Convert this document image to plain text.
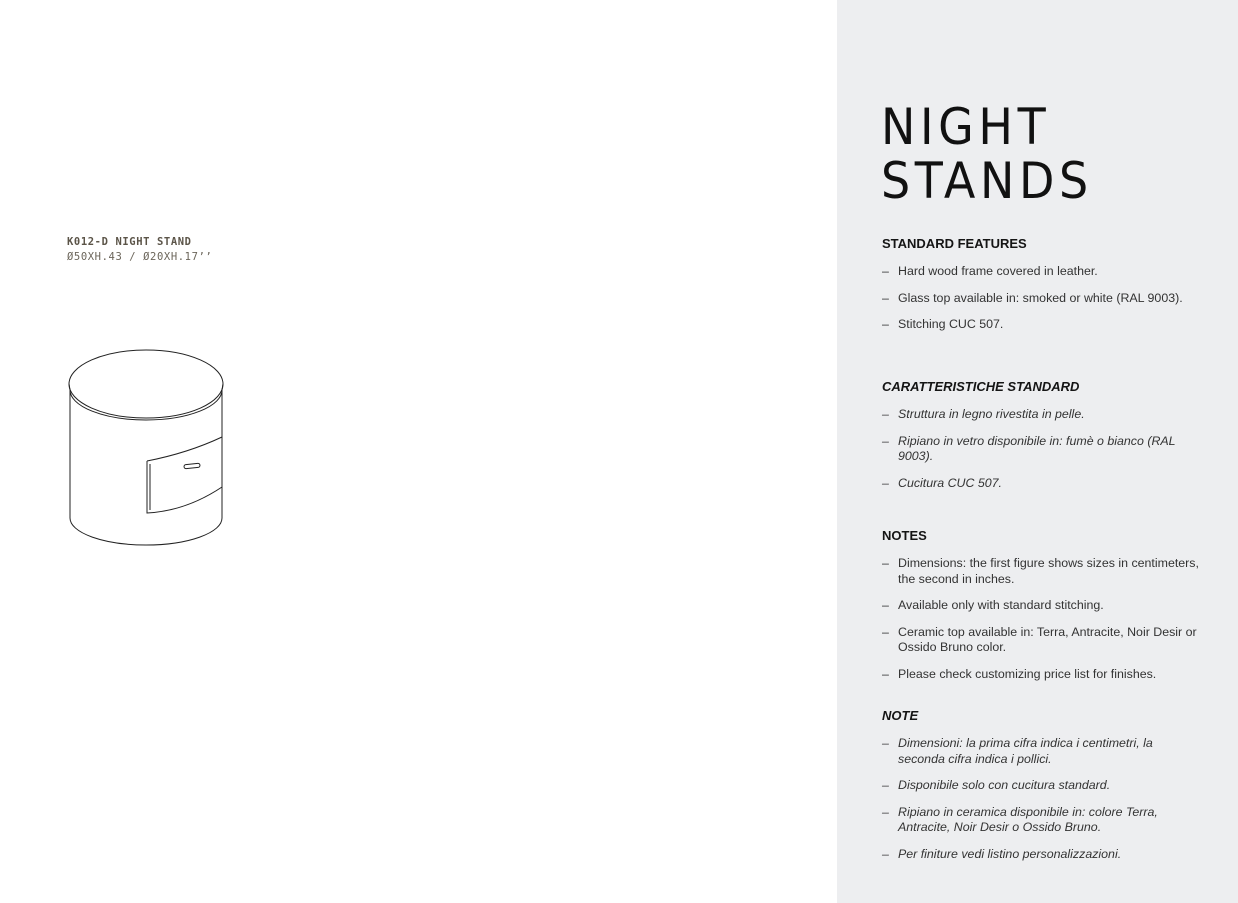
K012-D NIGHT STAND
Ø50XH.43 / Ø20XH.17’’
NIGHT
STANDS
STANDARD FEATURES
– Hard wood frame covered in leather.
– Glass top available in: smoked or white (RAL 9003).
– Stitching CUC 507.
CARATTERISTICHE STANDARD
– Struttura in legno rivestita in pelle.
– Ripiano in vetro disponibile in: fumè o bianco (RAL 9003).
– Cucitura CUC 507.
NOTES
– Dimensions: the first figure shows sizes in centimeters, the second in inches.
– Available only with standard stitching.
– Ceramic top available in: Terra, Antracite, Noir Desir or Ossido Bruno color.
– Please check customizing price list for finishes.
NOTE
– Dimensioni: la prima cifra indica i centimetri, la seconda cifra indica i pollici.
– Disponibile solo con cucitura standard.
– Ripiano in ceramica disponibile in: colore Terra, Antracite, Noir Desir o Ossido Bruno.
– Per finiture vedi listino personalizzazioni.
